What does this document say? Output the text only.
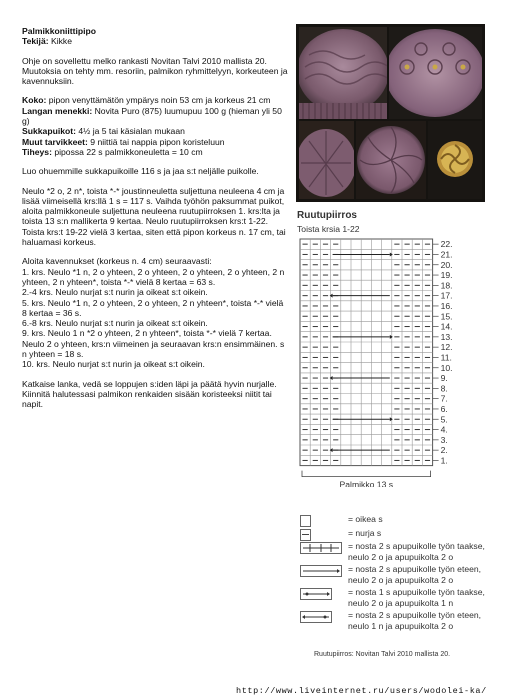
Palmikkoniittipipo
Tekijä: Kikke

Ohje on sovellettu melko rankasti Novitan Talvi 2010 mallista 20. Muutoksia on tehty mm. resoriin, palmikon ryhmittelyyn, korkeuteen ja kavennuksiin.

Koko: pipon venyttämätön ympärys noin 53 cm ja korkeus 21 cm
Langan menekki: Novita Puro (875) luumupuu 100 g (hieman yli 50 g)
Sukkapuikot: 4½ ja 5 tai käsialan mukaan
Muut tarvikkeet: 9 niittiä tai nappia pipon koristeluun
Tiheys: pipossa 22 s palmikkoneuletta = 10 cm

Luo ohuemmille sukkapuikoille 116 s ja jaa s:t neljälle puikolle.

Neulo *2 o, 2 n*, toista *-* joustinneuletta suljettuna neuleena 4 cm ja lisää viimeisellä krs:llä 1 s = 117 s. Vaihda työhön paksummat puikot, aloita palmikkoneule suljettuna neuleena ruutupiirroksen 1. krs:lta ja toista 13 s:n mallikerta 9 kertaa. Neulo ruutupiirroksen krs:t 1-22. Toista krs:t 19-22 vielä 3 kertaa, siten että pipon korkeus n. 17 cm, tai haluamasi korkeus.

Aloita kavennukset (korkeus n. 4 cm) seuraavasti:
1. krs. Neulo *1 n, 2 o yhteen, 2 o yhteen, 2 o yhteen, 2 o yhteen, 2 n yhteen, 2 n yhteen*, toista *-* vielä 8 kertaa = 63 s.
2.-4 krs. Neulo nurjat s:t nurin ja oikeat s:t oikein.
5. krs. Neulo *1 n, 2 o yhteen, 2 o yhteen, 2 n yhteen*, toista *-* vielä 8 kertaa = 36 s.
6.-8 krs. Neulo nurjat s:t nurin ja oikeat s:t oikein.
9. krs. Neulo 1 n *2 o yhteen, 2 n yhteen*, toista *-* vielä 7 kertaa. Neulo 2 o yhteen, krs:n viimeinen ja seuraavan krs:n ensimmäinen. s n yhteen = 18 s.
10. krs. Neulo nurjat s:t nurin ja oikeat s:t oikein.

Katkaise lanka, vedä se loppujen s:iden läpi ja päätä hyvin nurjalle. Kiinnitä halutessasi palmikon renkaiden sisään koristeeksi niitit tai napit.

Ruutupiirros
Toista krsia 1-22
22.
21.
20.
19.
18.
17.
16.
15.
14.
13.
12.
11.
10.
9.
8.
7.
6.
5.
4.
3.
2.
1.
Palmikko 13 s
= oikea s
= nurja s
= nosta 2 s apupuikolle työn taakse,
neulo 2 o ja apupuikolta 2 o
= nosta 2 s apupuikolle työn eteen,
neulo 2 o ja apupuikolta 2 o
= nosta 1 s apupuikolle työn taakse,
neulo 2 o ja apupuikolta 1 n
= nosta 2 s apupuikolle työn eteen,
neulo 1 n ja apupuikolta 2 o
Ruutupiirros: Novitan Talvi 2010 mallista 20.
http://www.liveinternet.ru/users/wodolei-ka/
